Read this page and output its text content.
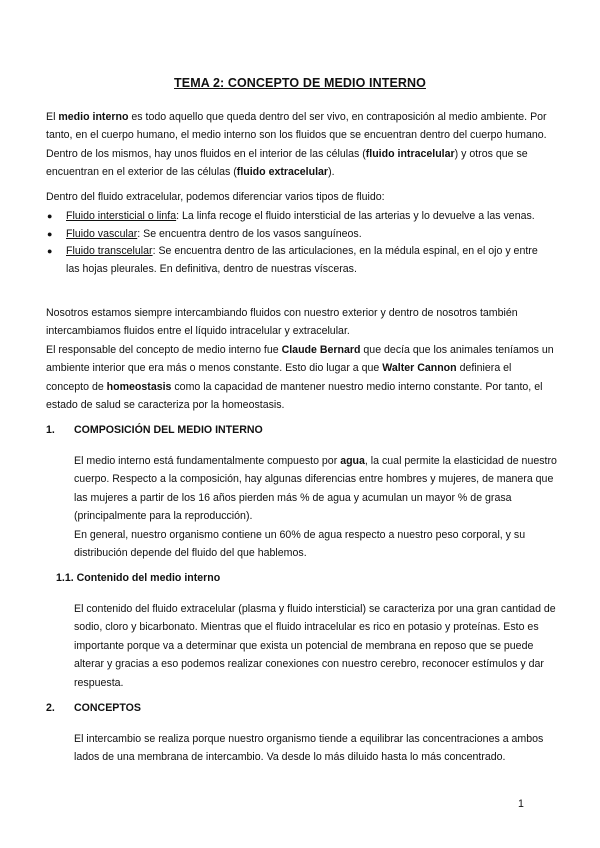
TEMA 2: CONCEPTO DE MEDIO INTERNO
El medio interno es todo aquello que queda dentro del ser vivo, en contraposición al medio ambiente. Por tanto, en el cuerpo humano, el medio interno son los fluidos que se encuentran dentro del cuerpo humano. Dentro de los mismos, hay unos fluidos en el interior de las células (fluido intracelular) y otros que se encuentran en el exterior de las células (fluido extracelular).
Dentro del fluido extracelular, podemos diferenciar varios tipos de fluido:
● Fluido intersticial o linfa: La linfa recoge el fluido intersticial de las arterias y lo devuelve a las venas.
● Fluido vascular: Se encuentra dentro de los vasos sanguíneos.
● Fluido transcelular: Se encuentra dentro de las articulaciones, en la médula espinal, en el ojo y entre las hojas pleurales. En definitiva, dentro de nuestras vísceras.
Nosotros estamos siempre intercambiando fluidos con nuestro exterior y dentro de nosotros también intercambiamos fluidos entre el líquido intracelular y extracelular.
El responsable del concepto de medio interno fue Claude Bernard que decía que los animales teníamos un ambiente interior que era más o menos constante. Esto dio lugar a que Walter Cannon definiera el concepto de homeostasis como la capacidad de mantener nuestro medio interno constante. Por tanto, el estado de salud se caracteriza por la homeostasis.
1. COMPOSICIÓN DEL MEDIO INTERNO
El medio interno está fundamentalmente compuesto por agua, la cual permite la elasticidad de nuestro cuerpo. Respecto a la composición, hay algunas diferencias entre hombres y mujeres, de manera que las mujeres a partir de los 16 años pierden más % de agua y acumulan un mayor % de grasa (principalmente para la reproducción).
En general, nuestro organismo contiene un 60% de agua respecto a nuestro peso corporal, y su distribución depende del fluido del que hablemos.
1.1. Contenido del medio interno
El contenido del fluido extracelular (plasma y fluido intersticial) se caracteriza por una gran cantidad de sodio, cloro y bicarbonato. Mientras que el fluido intracelular es rico en potasio y proteínas. Esto es importante porque va a determinar que exista un potencial de membrana en reposo que se puede alterar y gracias a eso podemos realizar conexiones con nuestro cerebro, reconocer estímulos y dar respuesta.
2. CONCEPTOS
El intercambio se realiza porque nuestro organismo tiende a equilibrar las concentraciones a ambos lados de una membrana de intercambio. Va desde lo más diluido hasta lo más concentrado.
1
